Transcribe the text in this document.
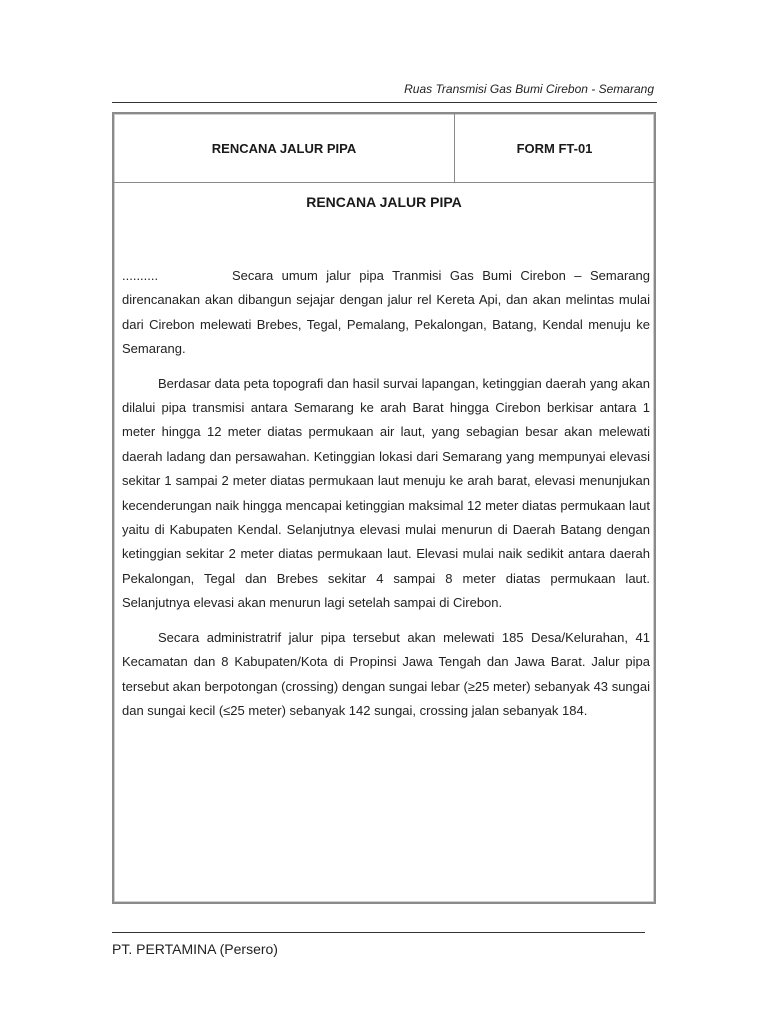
Ruas Transmisi Gas Bumi Cirebon - Semarang
RENCANA JALUR PIPA	FORM FT-01
RENCANA JALUR PIPA

..........	Secara umum jalur pipa Tranmisi Gas Bumi Cirebon – Semarang direncanakan akan dibangun sejajar dengan jalur rel Kereta Api, dan akan melintas mulai dari Cirebon melewati Brebes, Tegal, Pemalang, Pekalongan, Batang, Kendal menuju ke Semarang.

Berdasar data peta topografi dan hasil survai lapangan, ketinggian daerah yang akan dilalui pipa transmisi antara Semarang ke arah Barat hingga Cirebon berkisar antara 1 meter hingga 12 meter diatas permukaan air laut, yang sebagian besar akan melewati daerah ladang dan persawahan. Ketinggian lokasi dari Semarang yang mempunyai elevasi sekitar 1 sampai 2 meter diatas permukaan laut menuju ke arah barat, elevasi menunjukan kecenderungan naik hingga mencapai ketinggian maksimal 12 meter diatas permukaan laut yaitu di Kabupaten Kendal. Selanjutnya elevasi mulai menurun di Daerah Batang dengan ketinggian sekitar 2 meter diatas permukaan laut. Elevasi mulai naik sedikit antara daerah Pekalongan, Tegal dan Brebes sekitar 4 sampai 8 meter diatas permukaan laut. Selanjutnya elevasi akan menurun lagi setelah sampai di Cirebon.

Secara administratrif jalur pipa tersebut akan melewati 185 Desa/Kelurahan, 41 Kecamatan dan 8 Kabupaten/Kota di Propinsi Jawa Tengah dan Jawa Barat. Jalur pipa tersebut akan berpotongan (crossing) dengan sungai lebar (≥25 meter) sebanyak 43 sungai dan sungai kecil (≤25 meter) sebanyak 142 sungai, crossing jalan sebanyak 184.

PT. PERTAMINA (Persero)
